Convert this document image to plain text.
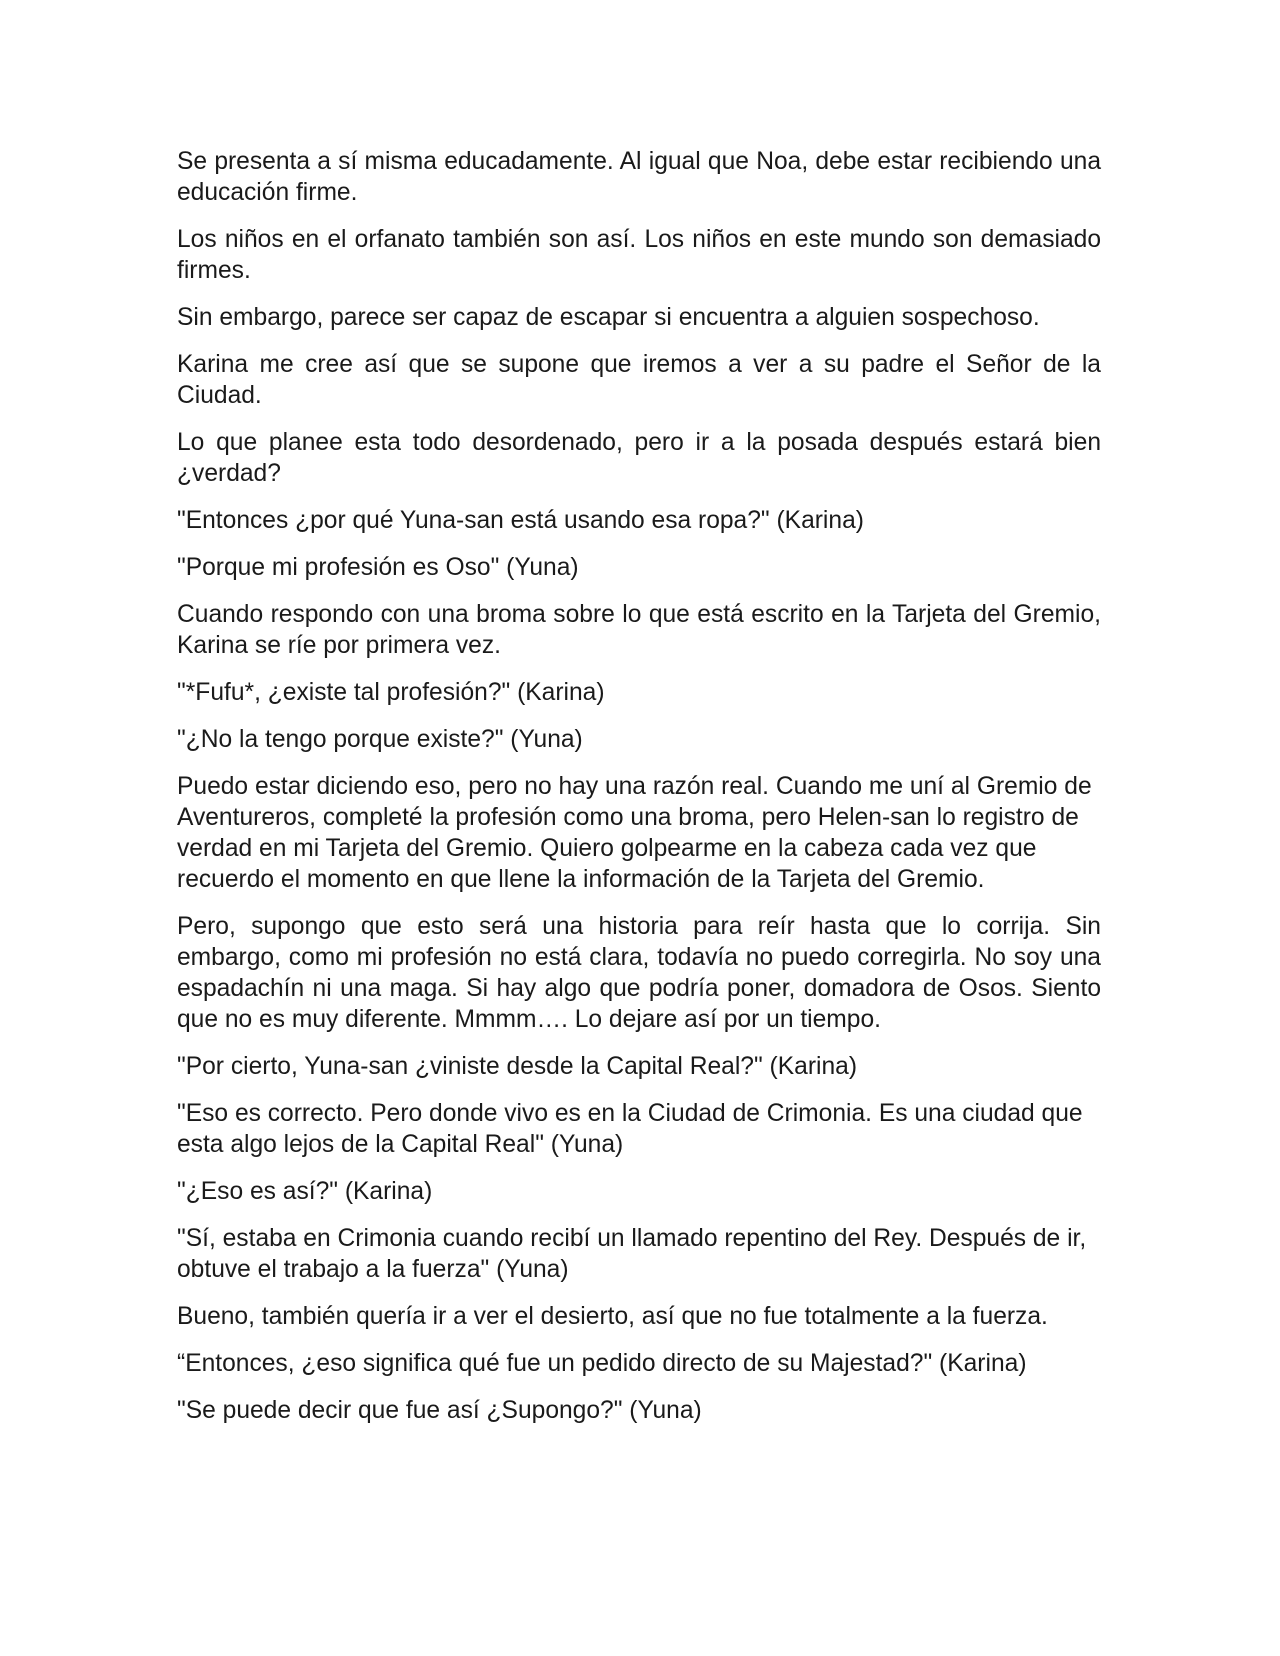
Se presenta a sí misma educadamente. Al igual que Noa, debe estar recibiendo una educación firme.

Los niños en el orfanato también son así. Los niños en este mundo son demasiado firmes.

Sin embargo, parece ser capaz de escapar si encuentra a alguien sospechoso.

Karina me cree así que se supone que iremos a ver a su padre el Señor de la Ciudad.

Lo que planee esta todo desordenado, pero ir a la posada después estará bien ¿verdad?

"Entonces ¿por qué Yuna-san está usando esa ropa?" (Karina)

"Porque mi profesión es Oso" (Yuna)

Cuando respondo con una broma sobre lo que está escrito en la Tarjeta del Gremio, Karina se ríe por primera vez.

"*Fufu*, ¿existe tal profesión?" (Karina)

"¿No la tengo porque existe?" (Yuna)

Puedo estar diciendo eso, pero no hay una razón real. Cuando me uní al Gremio de Aventureros, completé la profesión como una broma, pero Helen-san lo registro de verdad en mi Tarjeta del Gremio. Quiero golpearme en la cabeza cada vez que recuerdo el momento en que llene la información de la Tarjeta del Gremio.

Pero, supongo que esto será una historia para reír hasta que lo corrija. Sin embargo, como mi profesión no está clara, todavía no puedo corregirla. No soy una espadachín ni una maga. Si hay algo que podría poner, domadora de Osos. Siento que no es muy diferente. Mmmm…. Lo dejare así por un tiempo.

"Por cierto, Yuna-san ¿viniste desde la Capital Real?" (Karina)

"Eso es correcto. Pero donde vivo es en la Ciudad de Crimonia. Es una ciudad que esta algo lejos de la Capital Real" (Yuna)

"¿Eso es así?" (Karina)

"Sí, estaba en Crimonia cuando recibí un llamado repentino del Rey. Después de ir, obtuve el trabajo a la fuerza" (Yuna)

Bueno, también quería ir a ver el desierto, así que no fue totalmente a la fuerza.

“Entonces, ¿eso significa qué fue un pedido directo de su Majestad?" (Karina)

"Se puede decir que fue así ¿Supongo?" (Yuna)
